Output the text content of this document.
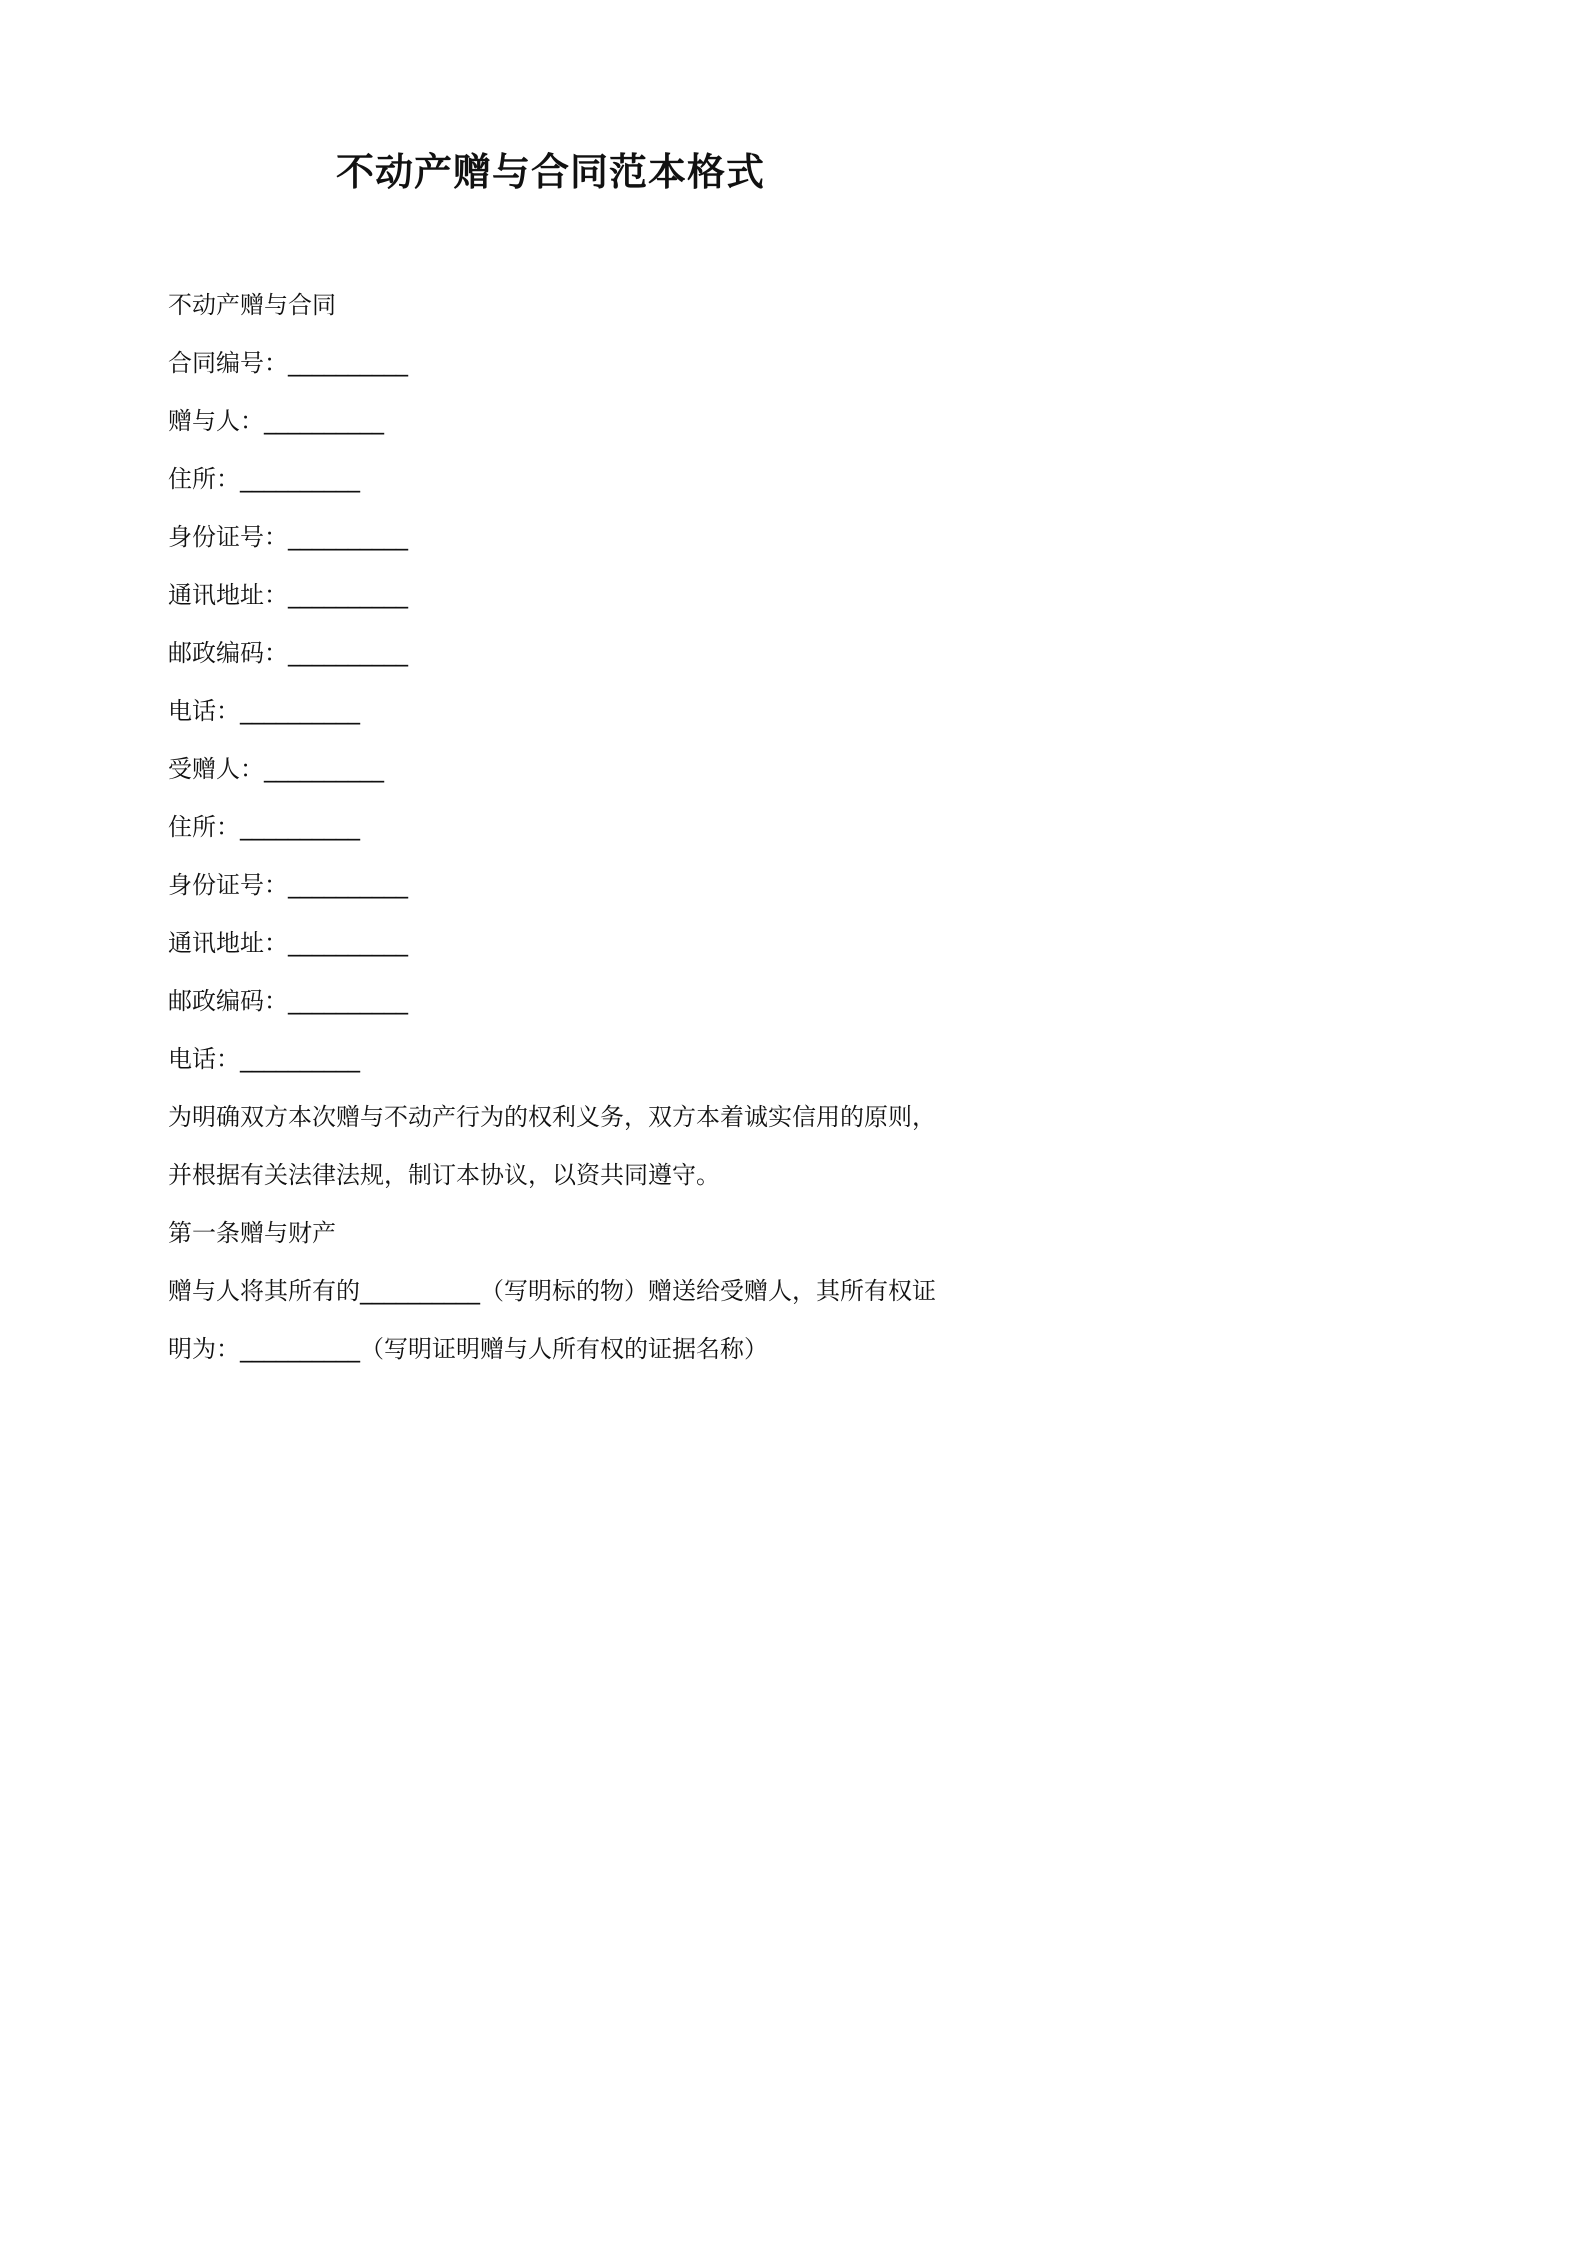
不动产赠与合同范本格式
不动产赠与合同
合同编号：__________
赠与人：__________
住所：__________
身份证号：__________
通讯地址：__________
邮政编码：__________
电话：__________
受赠人：__________
住所：__________
身份证号：__________
通讯地址：__________
邮政编码：__________
电话：__________
为明确双方本次赠与不动产行为的权利义务，双方本着诚实信用的原则，并根据有关法律法规，制订本协议，以资共同遵守。
第一条赠与财产
赠与人将其所有的__________（写明标的物）赠送给受赠人，其所有权证明为：__________（写明证明赠与人所有权的证据名称）
